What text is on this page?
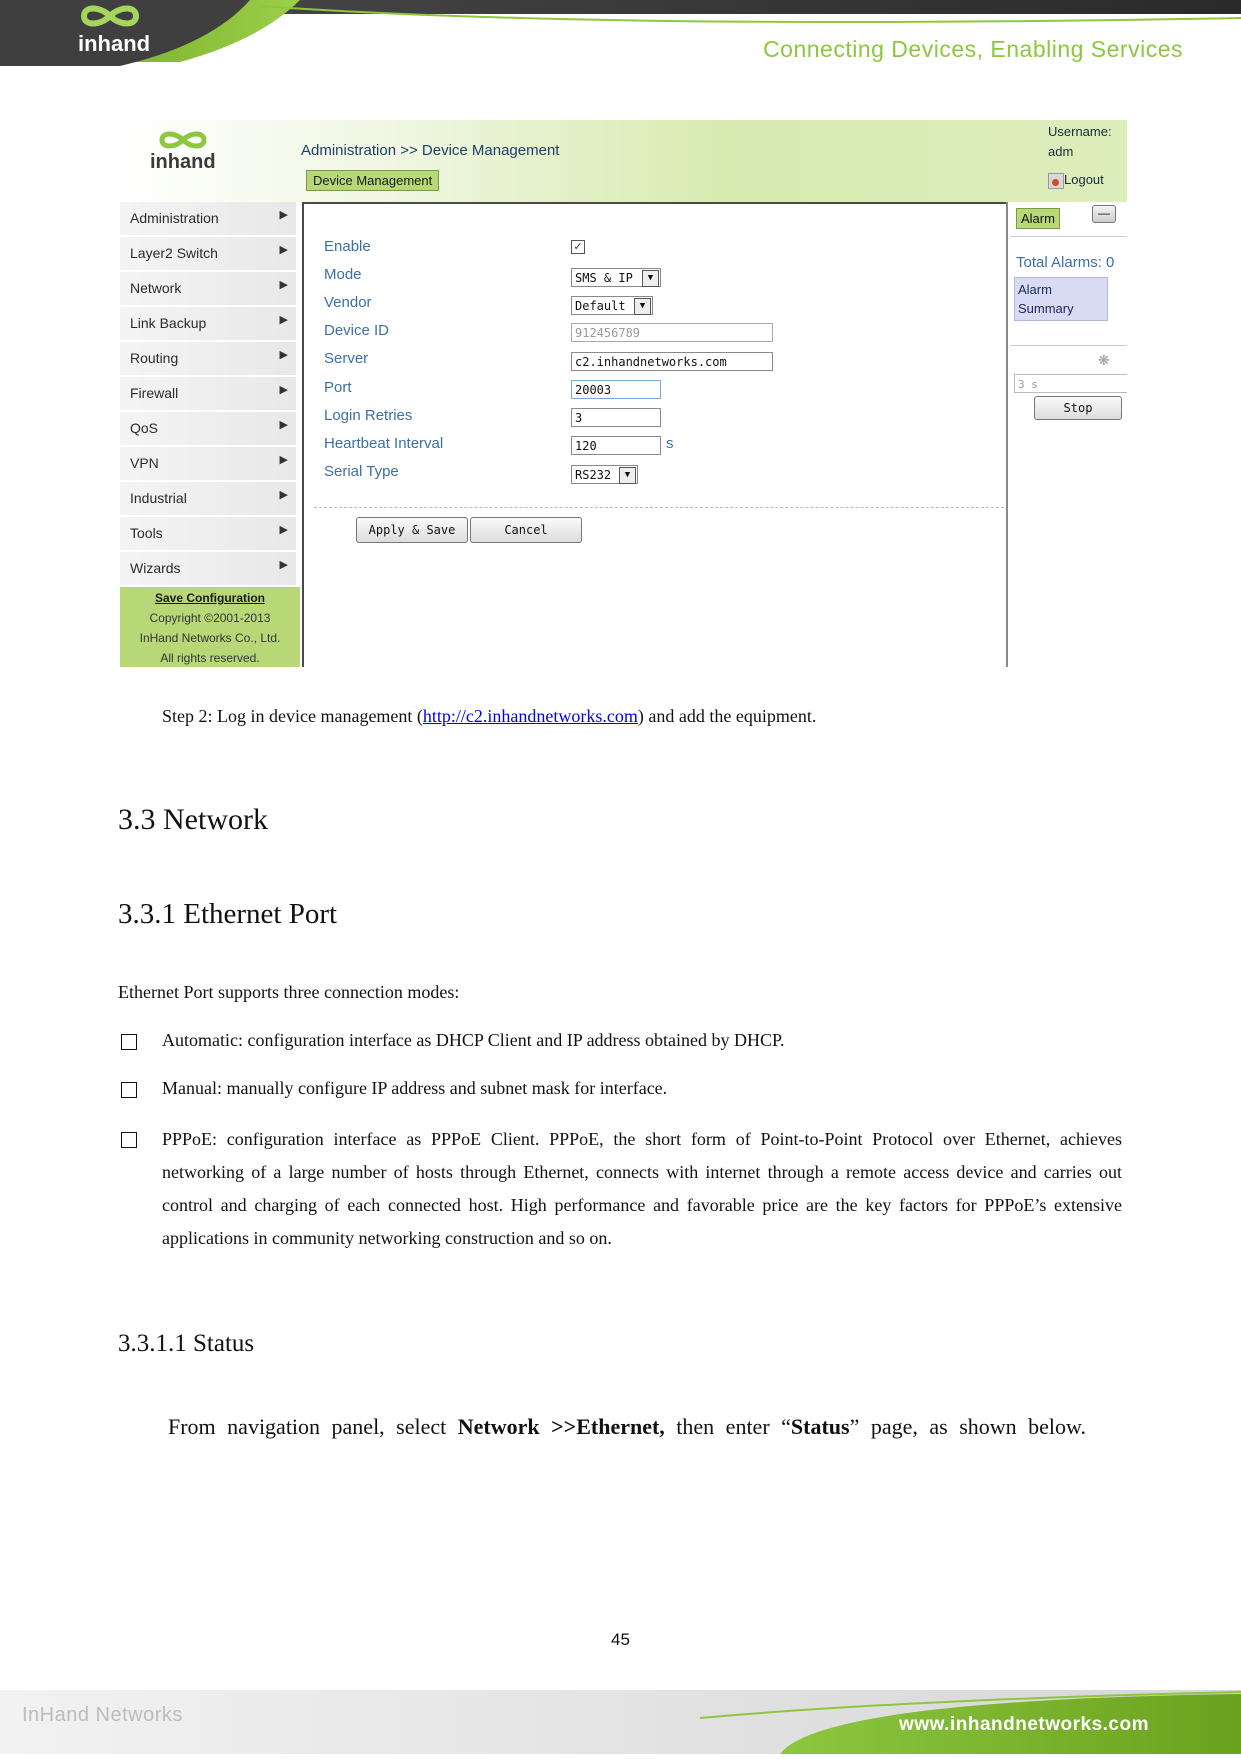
inhand	Connecting Devices, Enabling Services
inhand
Administration >> Device Management
Device Management
Username:
adm
Logout
Administration	▶
Layer2 Switch	▶
Network	▶
Link Backup	▶
Routing	▶
Firewall	▶
QoS	▶
VPN	▶
Industrial	▶
Tools	▶
Wizards	▶
Save Configuration
Copyright ©2001-2013
InHand Networks Co., Ltd.
All rights reserved.
Enable	✓
Mode	SMS & IP	▼
Vendor	Default	▼
Device ID	912456789
Server	c2.inhandnetworks.com
Port	20003
Login Retries	3
Heartbeat Interval	120	s
Serial Type	RS232	▼
Apply & Save	Cancel
Alarm	—
Total Alarms: 0
Alarm Summary
❋
3 s
Stop
Step 2: Log in device management (http://c2.inhandnetworks.com) and add the equipment.
3.3 Network
3.3.1 Ethernet Port
Ethernet Port supports three connection modes:
Automatic: configuration interface as DHCP Client and IP address obtained by DHCP.
Manual: manually configure IP address and subnet mask for interface.
PPPoE: configuration interface as PPPoE Client. PPPoE, the short form of Point-to-Point Protocol over Ethernet, achieves networking of a large number of hosts through Ethernet, connects with internet through a remote access device and carries out control and charging of each connected host. High performance and favorable price are the key factors for PPPoE’s extensive applications in community networking construction and so on.
3.3.1.1 Status
From navigation panel, select Network >>Ethernet, then enter “Status” page, as shown below.
45
InHand Networks	www.inhandnetworks.com
